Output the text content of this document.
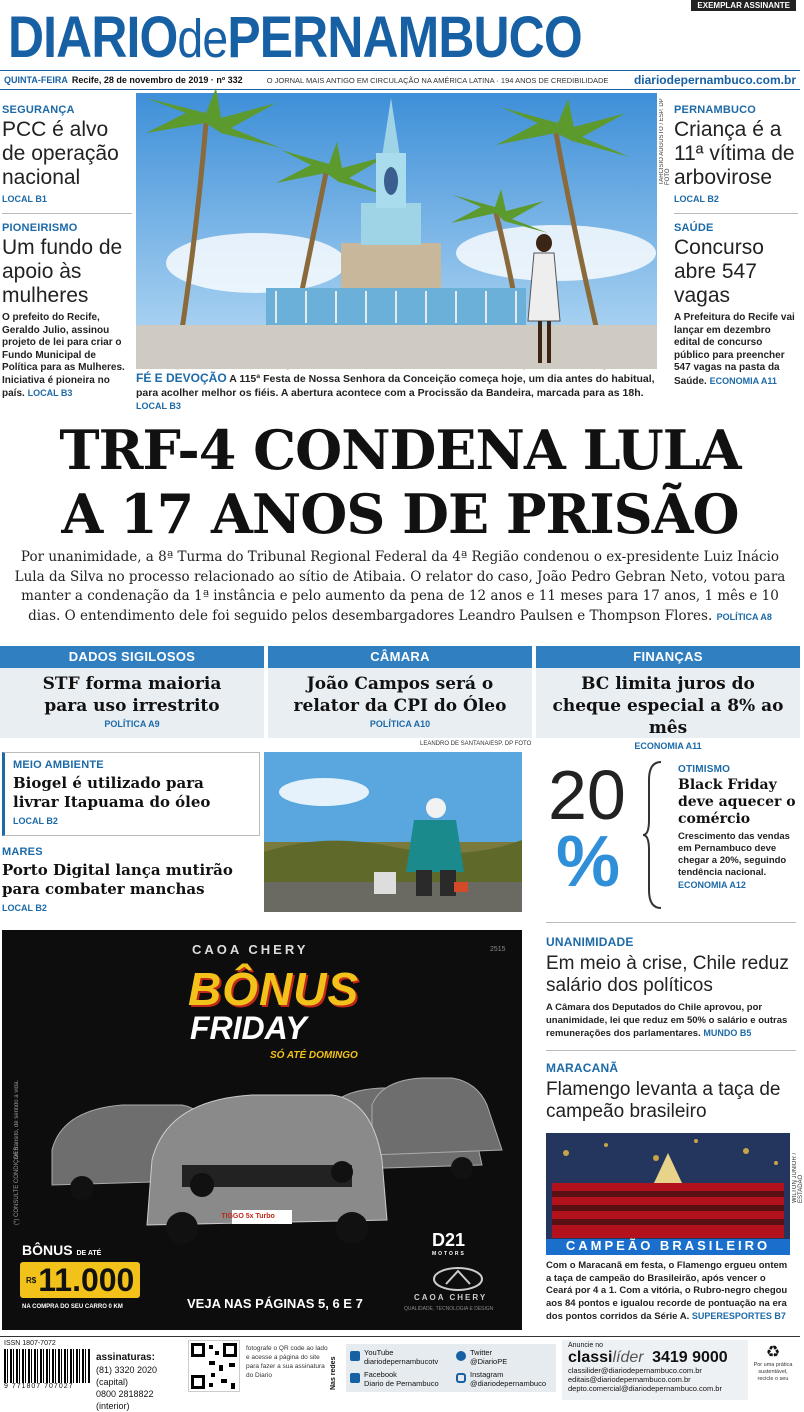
DIARIOdePERNAMBUCO	EXEMPLAR ASSINANTE
QUINTA-FEIRA Recife, 28 de novembro de 2019 · nº 332	O JORNAL MAIS ANTIGO EM CIRCULAÇÃO NA AMÉRICA LATINA · 194 ANOS DE CREDIBILIDADE diariodepernambuco.com.br
SEGURANÇA
PCC é alvo de operação nacional
LOCAL B1
PIONEIRISMO
Um fundo de apoio às mulheres
O prefeito do Recife, Geraldo Julio, assinou projeto de lei para criar o Fundo Municipal de Política para as Mulheres. Iniciativa é pioneira no país. LOCAL B3
TARCISIO AUGUSTO / ESP. DP FOTO
FÉ E DEVOÇÃO A 115ª Festa de Nossa Senhora da Conceição começa hoje, um dia antes do habitual, para acolher melhor os fiéis. A abertura acontece com a Procissão da Bandeira, marcada para as 18h. LOCAL B3
PERNAMBUCO
Criança é a 11ª vítima de arbovirose
LOCAL B2
SAÚDE
Concurso abre 547 vagas
A Prefeitura do Recife vai lançar em dezembro edital de concurso público para preencher 547 vagas na pasta da Saúde. ECONOMIA A11
TRF-4 CONDENA LULA
A 17 ANOS DE PRISÃO
Por unanimidade, a 8ª Turma do Tribunal Regional Federal da 4ª Região condenou o ex-presidente Luiz Inácio Lula da Silva no processo relacionado ao sítio de Atibaia. O relator do caso, João Pedro Gebran Neto, votou para manter a condenação da 1ª instância e pelo aumento da pena de 12 anos e 11 meses para 17 anos, 1 mês e 10 dias. O entendimento dele foi seguido pelos desembargadores Leandro Paulsen e Thompson Flores. POLÍTICA A8
DADOS SIGILOSOS
STF forma maioria para uso irrestrito
POLÍTICA A9
CÂMARA
João Campos será o relator da CPI do Óleo
POLÍTICA A10
FINANÇAS
BC limita juros do cheque especial a 8% ao mês
ECONOMIA A11
MEIO AMBIENTE
Biogel é utilizado para livrar Itapuama do óleo
LOCAL B2
MARES
Porto Digital lança mutirão para combater manchas
LOCAL B2
LEANDRO DE SANTANA/ESP. DP FOTO
20
%
OTIMISMO
Black Friday deve aquecer o comércio
Crescimento das vendas em Pernambuco deve chegar a 20%, seguindo tendência nacional. ECONOMIA A12
UNANIMIDADE
Em meio à crise, Chile reduz salário dos políticos
A Câmara dos Deputados do Chile aprovou, por unanimidade, lei que reduz em 50% o salário e outras remunerações dos parlamentares. MUNDO B5
MARACANÃ
Flamengo levanta a taça de campeão brasileiro
CAMPEÃO BRASILEIRO
WILTON JUNIOR / ESTADÃO
Com o Maracanã em festa, o Flamengo ergueu ontem a taça de campeão do Brasileirão, após vencer o Ceará por 4 a 1. Com a vitória, o Rubro-negro chegou aos 84 pontos e igualou recorde de pontuação na era dos pontos corridos da Série A. SUPERESPORTES B7
CAOA CHERY	2515
BÔNUS
FRIDAY
SÓ ATÉ DOMINGO
No trânsito, dê sentido à vida.
(*) CONSULTE CONDIÇÕES.	TIGGO 5x Turbo
BÔNUS DE ATÉ
R$ 11.000
NA COMPRA DO SEU CARRO 0 KM	VEJA NAS PÁGINAS 5, 6 E 7
D21
MOTORS
CAOA CHERY
QUALIDADE, TECNOLOGIA E DESIGN
ISSN 1807-7072
9 771807 707027
assinaturas:
(81) 3320 2020 (capital)
0800 2818822 (interior)
fotografe o QR code ao lado e acesse a página do site para fazer a sua assinatura do Diario	Nas redes
YouTube
diariodepernambucotv
Facebook
Diario de Pernambuco
Twitter
@DiarioPE
Instagram
@diariodepernambuco
Anuncie no
classilíder 3419 9000
classilider@diariodepernambuco.com.br
editais@diariodepernambuco.com.br
depto.comercial@diariodepernambuco.com.br
♻
Por uma prática sustentável, recicle o seu
